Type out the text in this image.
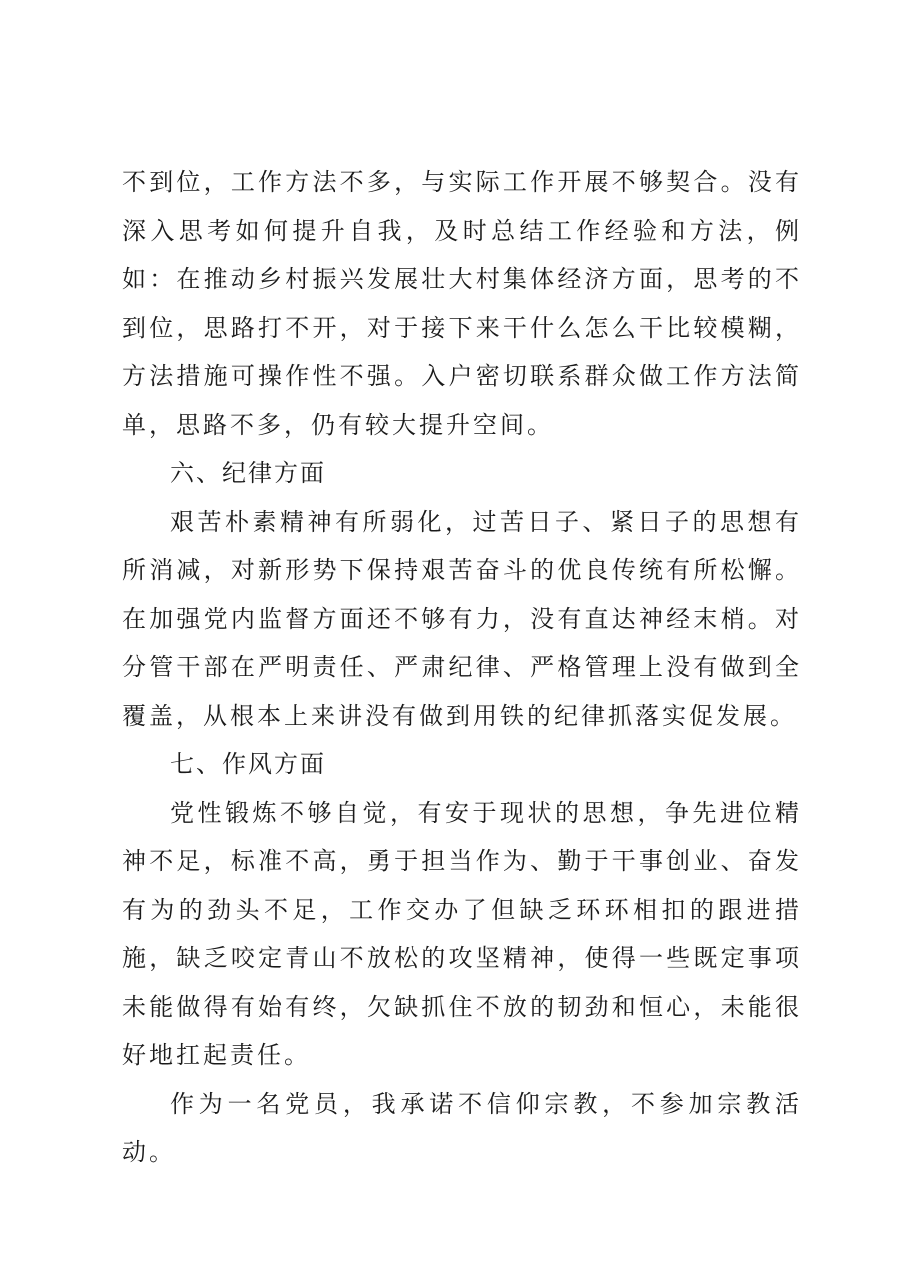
不到位，工作方法不多，与实际工作开展不够契合。没有深入思考如何提升自我，及时总结工作经验和方法，例如：在推动乡村振兴发展壮大村集体经济方面，思考的不到位，思路打不开，对于接下来干什么怎么干比较模糊，方法措施可操作性不强。入户密切联系群众做工作方法简单，思路不多，仍有较大提升空间。

六、纪律方面

艰苦朴素精神有所弱化，过苦日子、紧日子的思想有所消减，对新形势下保持艰苦奋斗的优良传统有所松懈。在加强党内监督方面还不够有力，没有直达神经末梢。对分管干部在严明责任、严肃纪律、严格管理上没有做到全覆盖，从根本上来讲没有做到用铁的纪律抓落实促发展。

七、作风方面

党性锻炼不够自觉，有安于现状的思想，争先进位精神不足，标准不高，勇于担当作为、勤于干事创业、奋发有为的劲头不足，工作交办了但缺乏环环相扣的跟进措施，缺乏咬定青山不放松的攻坚精神，使得一些既定事项未能做得有始有终，欠缺抓住不放的韧劲和恒心，未能很好地扛起责任。

作为一名党员，我承诺不信仰宗教，不参加宗教活动。
